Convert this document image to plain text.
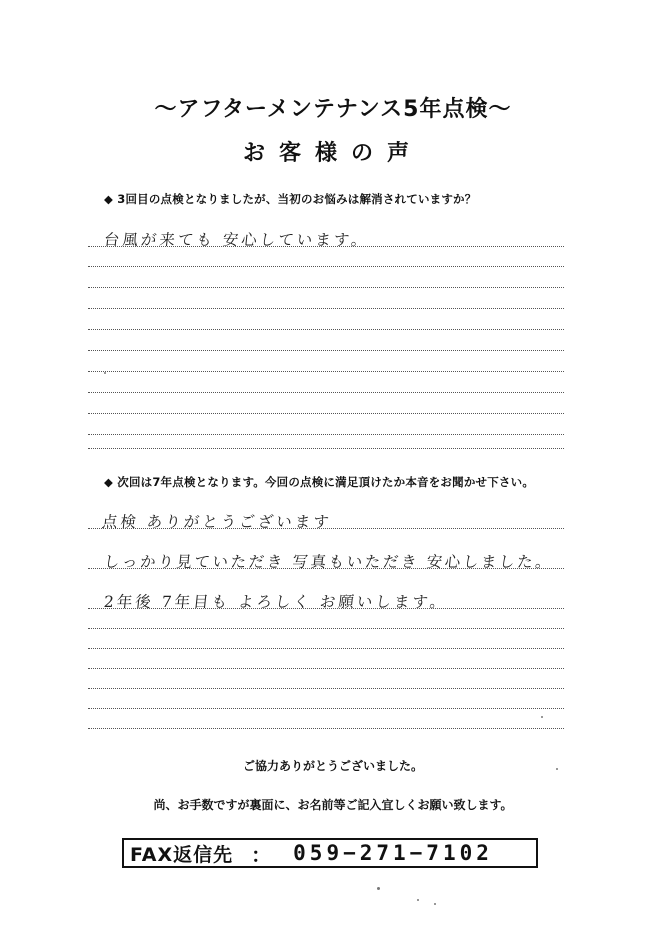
〜アフターメンテナンス5年点検〜
お客様の声
◆ 3回目の点検となりましたが、当初のお悩みは解消されていますか？
台風が来ても 安心しています。
◆ 次回は7年点検となります。今回の点検に満足頂けたか本音をお聞かせ下さい。
点検 ありがとうございます
しっかり見ていただき 写真もいただき 安心しました。
2年後 7年目も よろしく お願いします。
ご協力ありがとうございました。
尚、お手数ですが裏面に、お名前等ご記入宜しくお願い致します。
FAX返信先 ： 059−271−7102
